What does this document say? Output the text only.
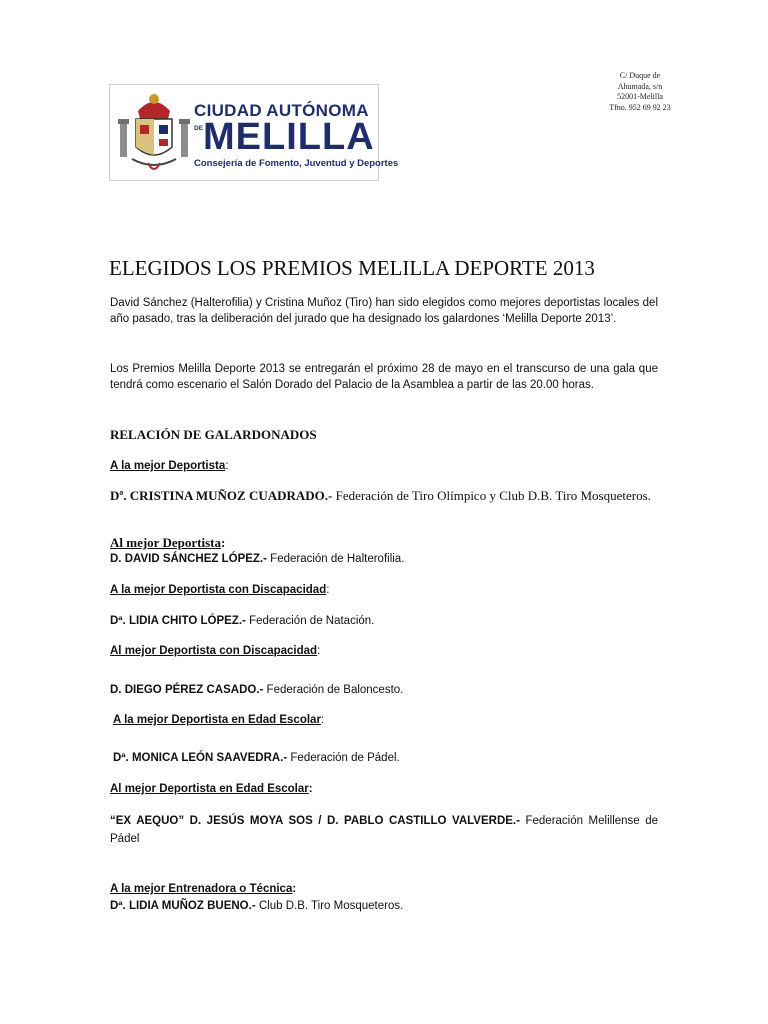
C/ Duque de
Ahumada, s/n
52001-Melilla
Tfno. 952 69 92 23
CIUDAD AUTÓNOMA
DE MELILLA
Consejería de Fomento, Juventud y Deportes
ELEGIDOS LOS PREMIOS MELILLA DEPORTE 2013
David Sánchez (Halterofilia) y Cristina Muñoz (Tiro) han sido elegidos como mejores deportistas locales del año pasado, tras la deliberación del jurado que ha designado los galardones ‘Melilla Deporte 2013’.
Los Premios Melilla Deporte 2013 se entregarán el próximo 28 de mayo en el transcurso de una gala que tendrá como escenario el Salón Dorado del Palacio de la Asamblea a partir de las 20.00 horas.
RELACIÓN DE GALARDONADOS
A la mejor Deportista:
Dª. CRISTINA MUÑOZ CUADRADO.- Federación de Tiro Olímpico y Club D.B. Tiro Mosqueteros.
Al mejor Deportista:
D. DAVID SÁNCHEZ LÓPEZ.- Federación de Halterofilia.
A la mejor Deportista con Discapacidad:
Dª. LIDIA CHITO LÓPEZ.- Federación de Natación.
Al mejor Deportista con Discapacidad:
D. DIEGO PÉREZ CASADO.- Federación de Baloncesto.
A la mejor Deportista en Edad Escolar:
Dª. MONICA LEÓN SAAVEDRA.- Federación de Pádel.
Al mejor Deportista en Edad Escolar:
“EX AEQUO” D. JESÚS MOYA SOS / D. PABLO CASTILLO VALVERDE.- Federación Melillense de Pádel
A la mejor Entrenadora o Técnica:
Dª. LIDIA MUÑOZ BUENO.- Club D.B. Tiro Mosqueteros.
